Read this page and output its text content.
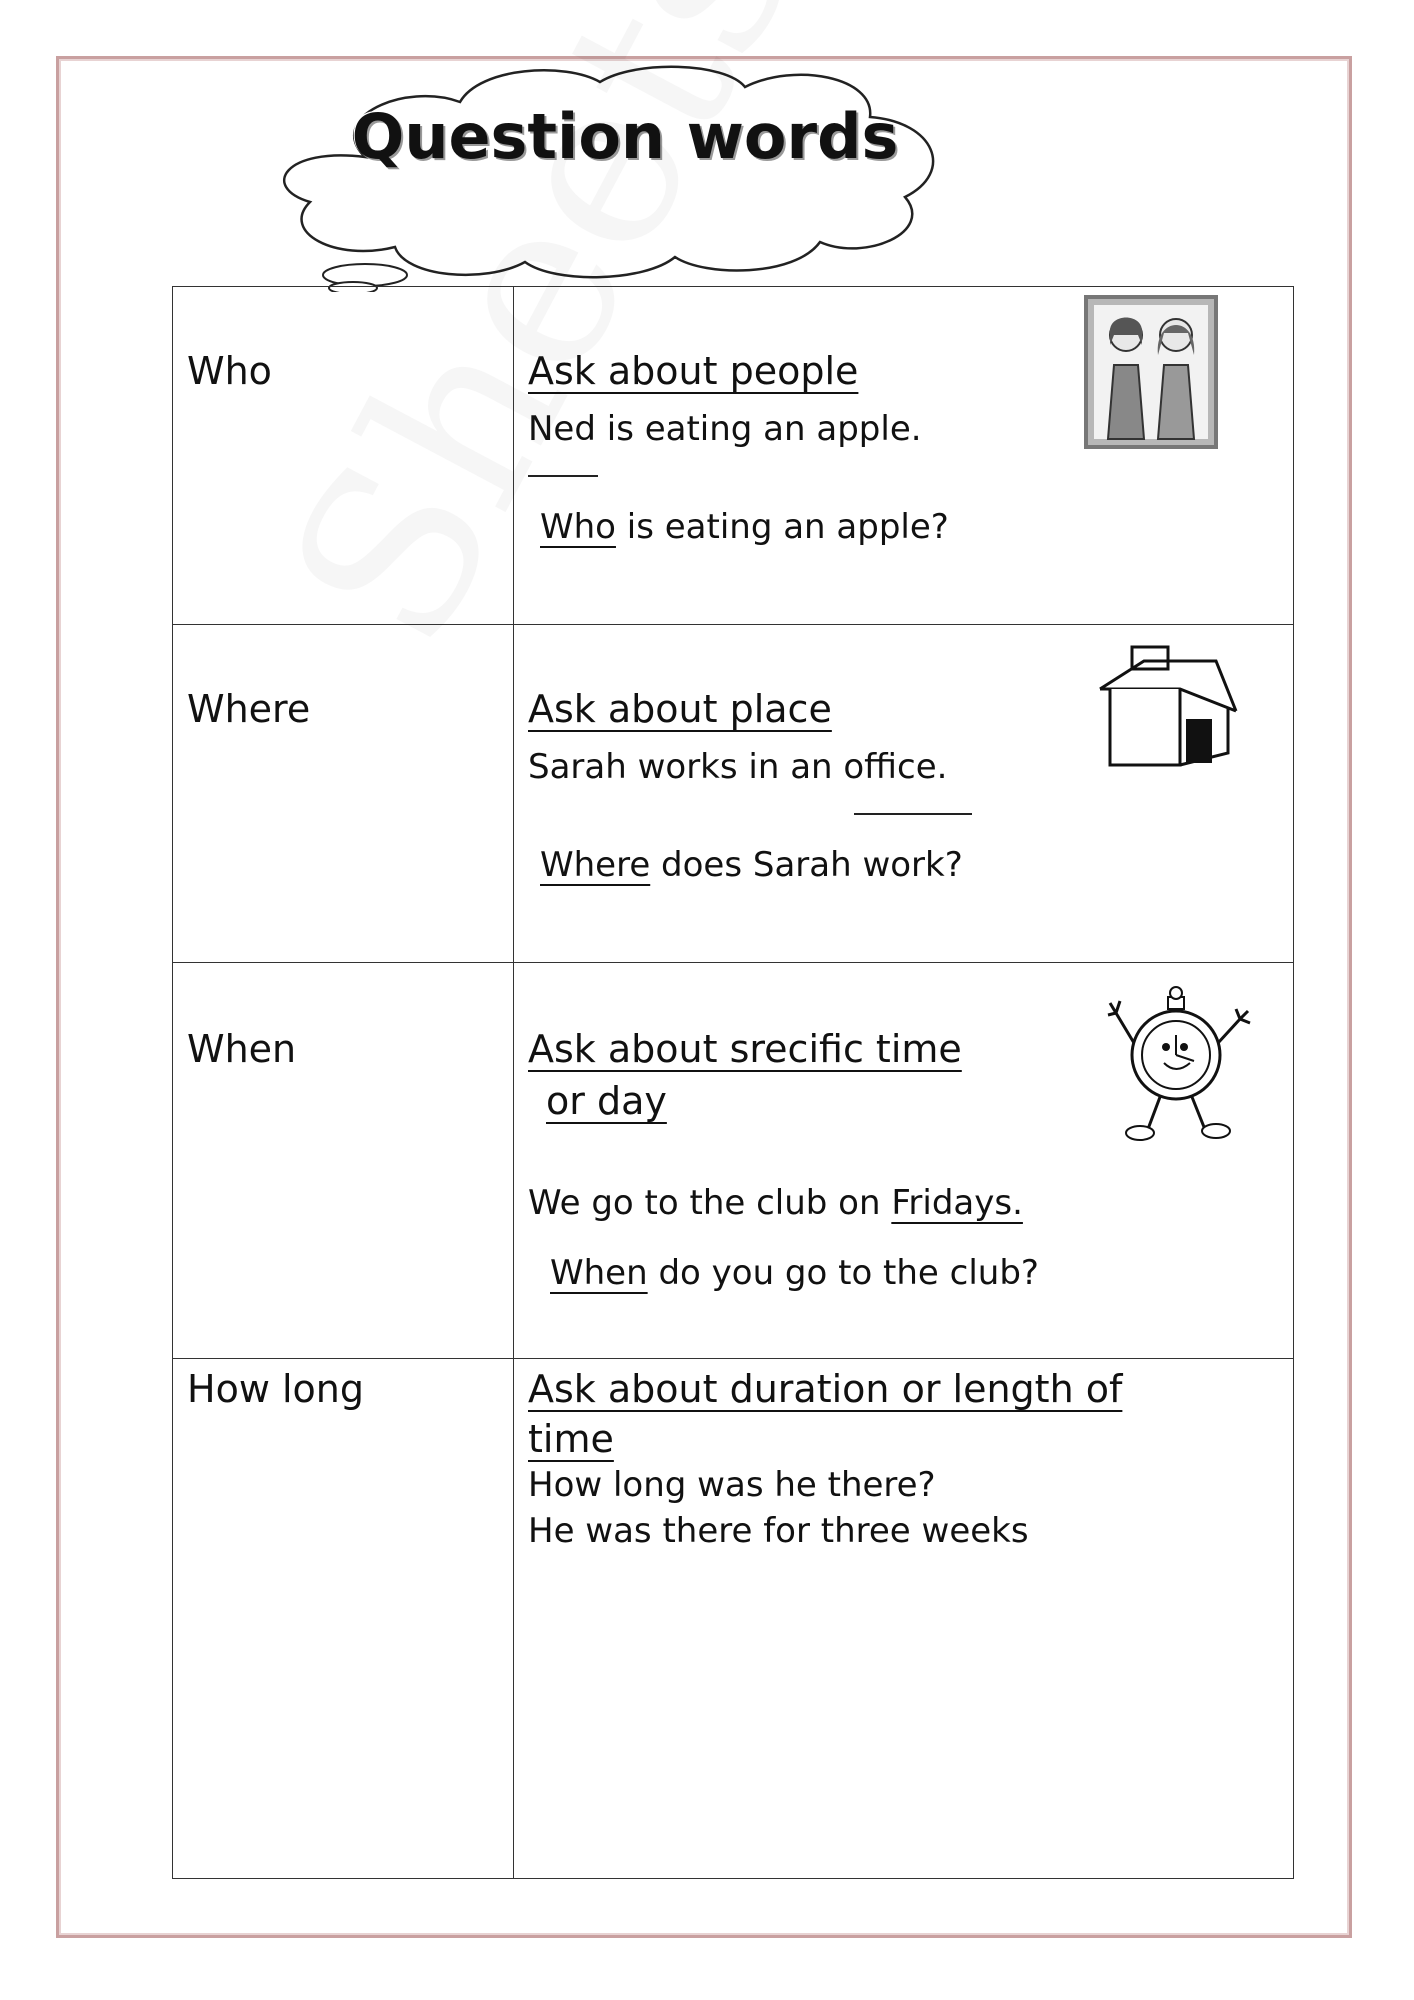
Question words
Who	Ask about people
Ned is eating an apple.
Who is eating an apple?

Where	Ask about place
Sarah works in an office.
Where does Sarah work?

When	Ask about srecific time
or day
We go to the club on Fridays.
When do you go to the club?

How long	Ask about duration or length of
time
How long was he there?
He was there for three weeks
